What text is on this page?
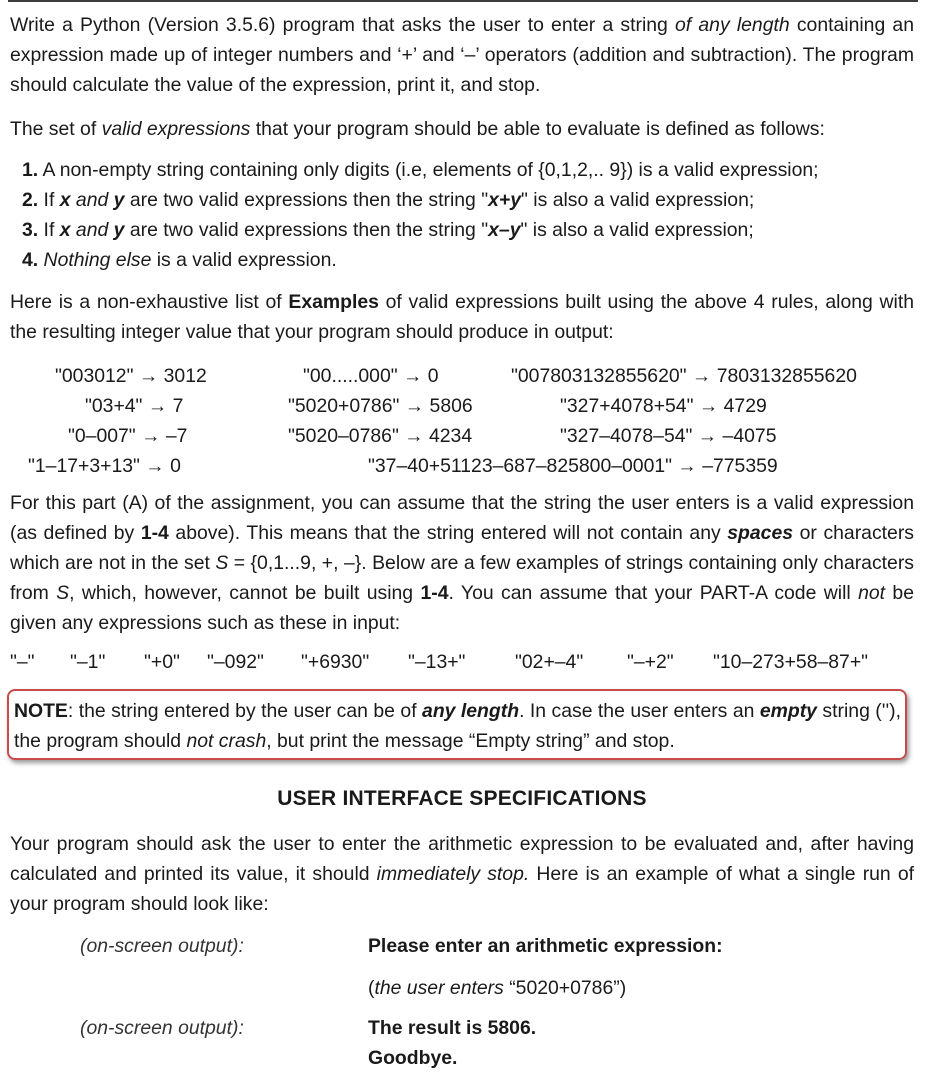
Write a Python (Version 3.5.6) program that asks the user to enter a string of any length containing an expression made up of integer numbers and ‘+’ and ‘–’ operators (addition and subtraction). The program should calculate the value of the expression, print it, and stop.

The set of valid expressions that your program should be able to evaluate is defined as follows:

1. A non-empty string containing only digits (i.e, elements of {0,1,2,.. 9}) is a valid expression;
2. If x and y are two valid expressions then the string "x+y" is also a valid expression;
3. If x and y are two valid expressions then the string "x–y" is also a valid expression;
4. Nothing else is a valid expression.

Here is a non-exhaustive list of Examples of valid expressions built using the above 4 rules, along with the resulting integer value that your program should produce in output:

"003012" → 3012	"00.....000" → 0	"007803132855620" → 7803132855620
"03+4" → 7	"5020+0786" → 5806	"327+4078+54" → 4729
"0–007" → –7	"5020–0786" → 4234	"327–4078–54" → –4075
"1–17+3+13" → 0	"37–40+51123–687–825800–0001" → –775359

For this part (A) of the assignment, you can assume that the string the user enters is a valid expression (as defined by 1-4 above). This means that the string entered will not contain any spaces or characters which are not in the set S = {0,1...9, +, –}. Below are a few examples of strings containing only characters from S, which, however, cannot be built using 1-4. You can assume that your PART-A code will not be given any expressions such as these in input:

"–" "–1" "+0" "–092" "+6930" "–13+"	"02+–4" "–+2" "10–273+58–87+"
NOTE: the string entered by the user can be of any length. In case the user enters an empty string (''), the program should not crash, but print the message “Empty string” and stop.
USER INTERFACE SPECIFICATIONS

Your program should ask the user to enter the arithmetic expression to be evaluated and, after having calculated and printed its value, it should immediately stop. Here is an example of what a single run of your program should look like:

(on-screen output):	Please enter an arithmetic expression:
(the user enters “5020+0786”)
(on-screen output):	The result is 5806.
Goodbye.
